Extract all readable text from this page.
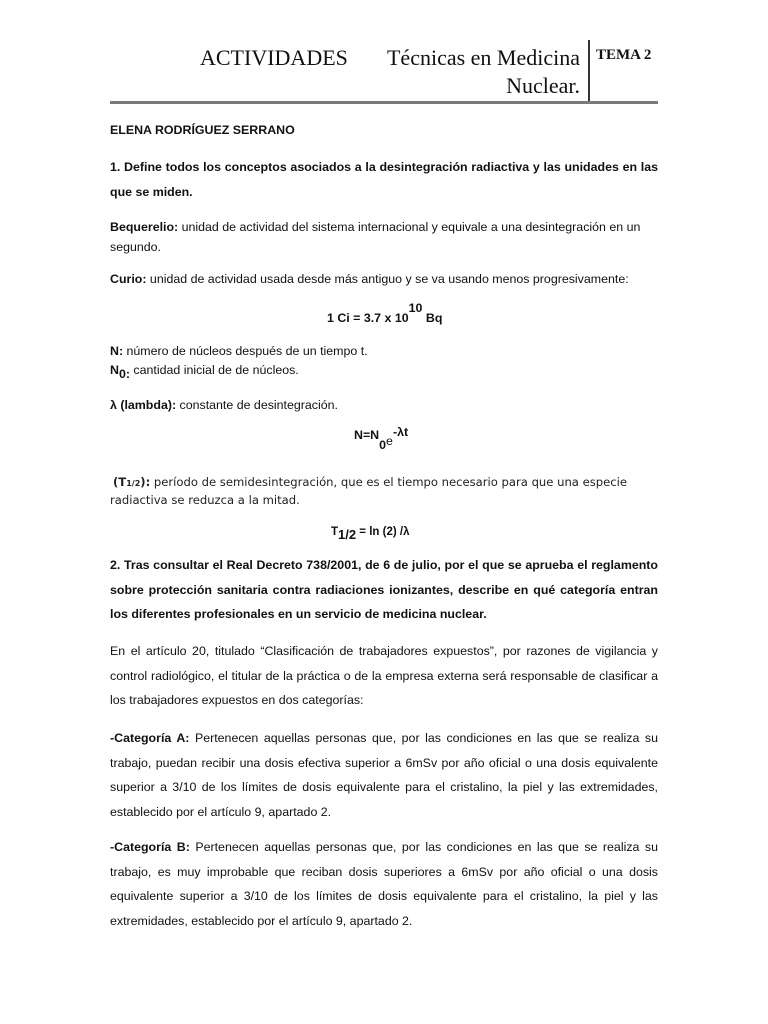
ACTIVIDADES Técnicas en Medicina
Nuclear.
TEMA 2
ELENA RODRÍGUEZ SERRANO
1. Define todos los conceptos asociados a la desintegración radiactiva y las unidades en las que se miden.
Bequerelio: unidad de actividad del sistema internacional y equivale a una desintegración en un segundo.
Curio: unidad de actividad usada desde más antiguo y se va usando menos progresivamente:
1 Ci = 3.7 x 1010 Bq
N: número de núcleos después de un tiempo t.
N0: cantidad inicial de de núcleos.
λ (lambda): constante de desintegración.
N=N0e-λt
(T1/2): período de semidesintegración, que es el tiempo necesario para que una especie radiactiva se reduzca a la mitad.
T1/2 = ln (2) /λ
2. Tras consultar el Real Decreto 738/2001, de 6 de julio, por el que se aprueba el reglamento sobre protección sanitaria contra radiaciones ionizantes, describe en qué categoría entran los diferentes profesionales en un servicio de medicina nuclear.
En el artículo 20, titulado “Clasificación de trabajadores expuestos”, por razones de vigilancia y control radiológico, el titular de la práctica o de la empresa externa será responsable de clasificar a los trabajadores expuestos en dos categorías:
-Categoría A: Pertenecen aquellas personas que, por las condiciones en las que se realiza su trabajo, puedan recibir una dosis efectiva superior a 6mSv por año oficial o una dosis equivalente superior a 3/10 de los límites de dosis equivalente para el cristalino, la piel y las extremidades, establecido por el artículo 9, apartado 2.
-Categoría B: Pertenecen aquellas personas que, por las condiciones en las que se realiza su trabajo, es muy improbable que reciban dosis superiores a 6mSv por año oficial o una dosis equivalente superior a 3/10 de los límites de dosis equivalente para el cristalino, la piel y las extremidades, establecido por el artículo 9, apartado 2.
